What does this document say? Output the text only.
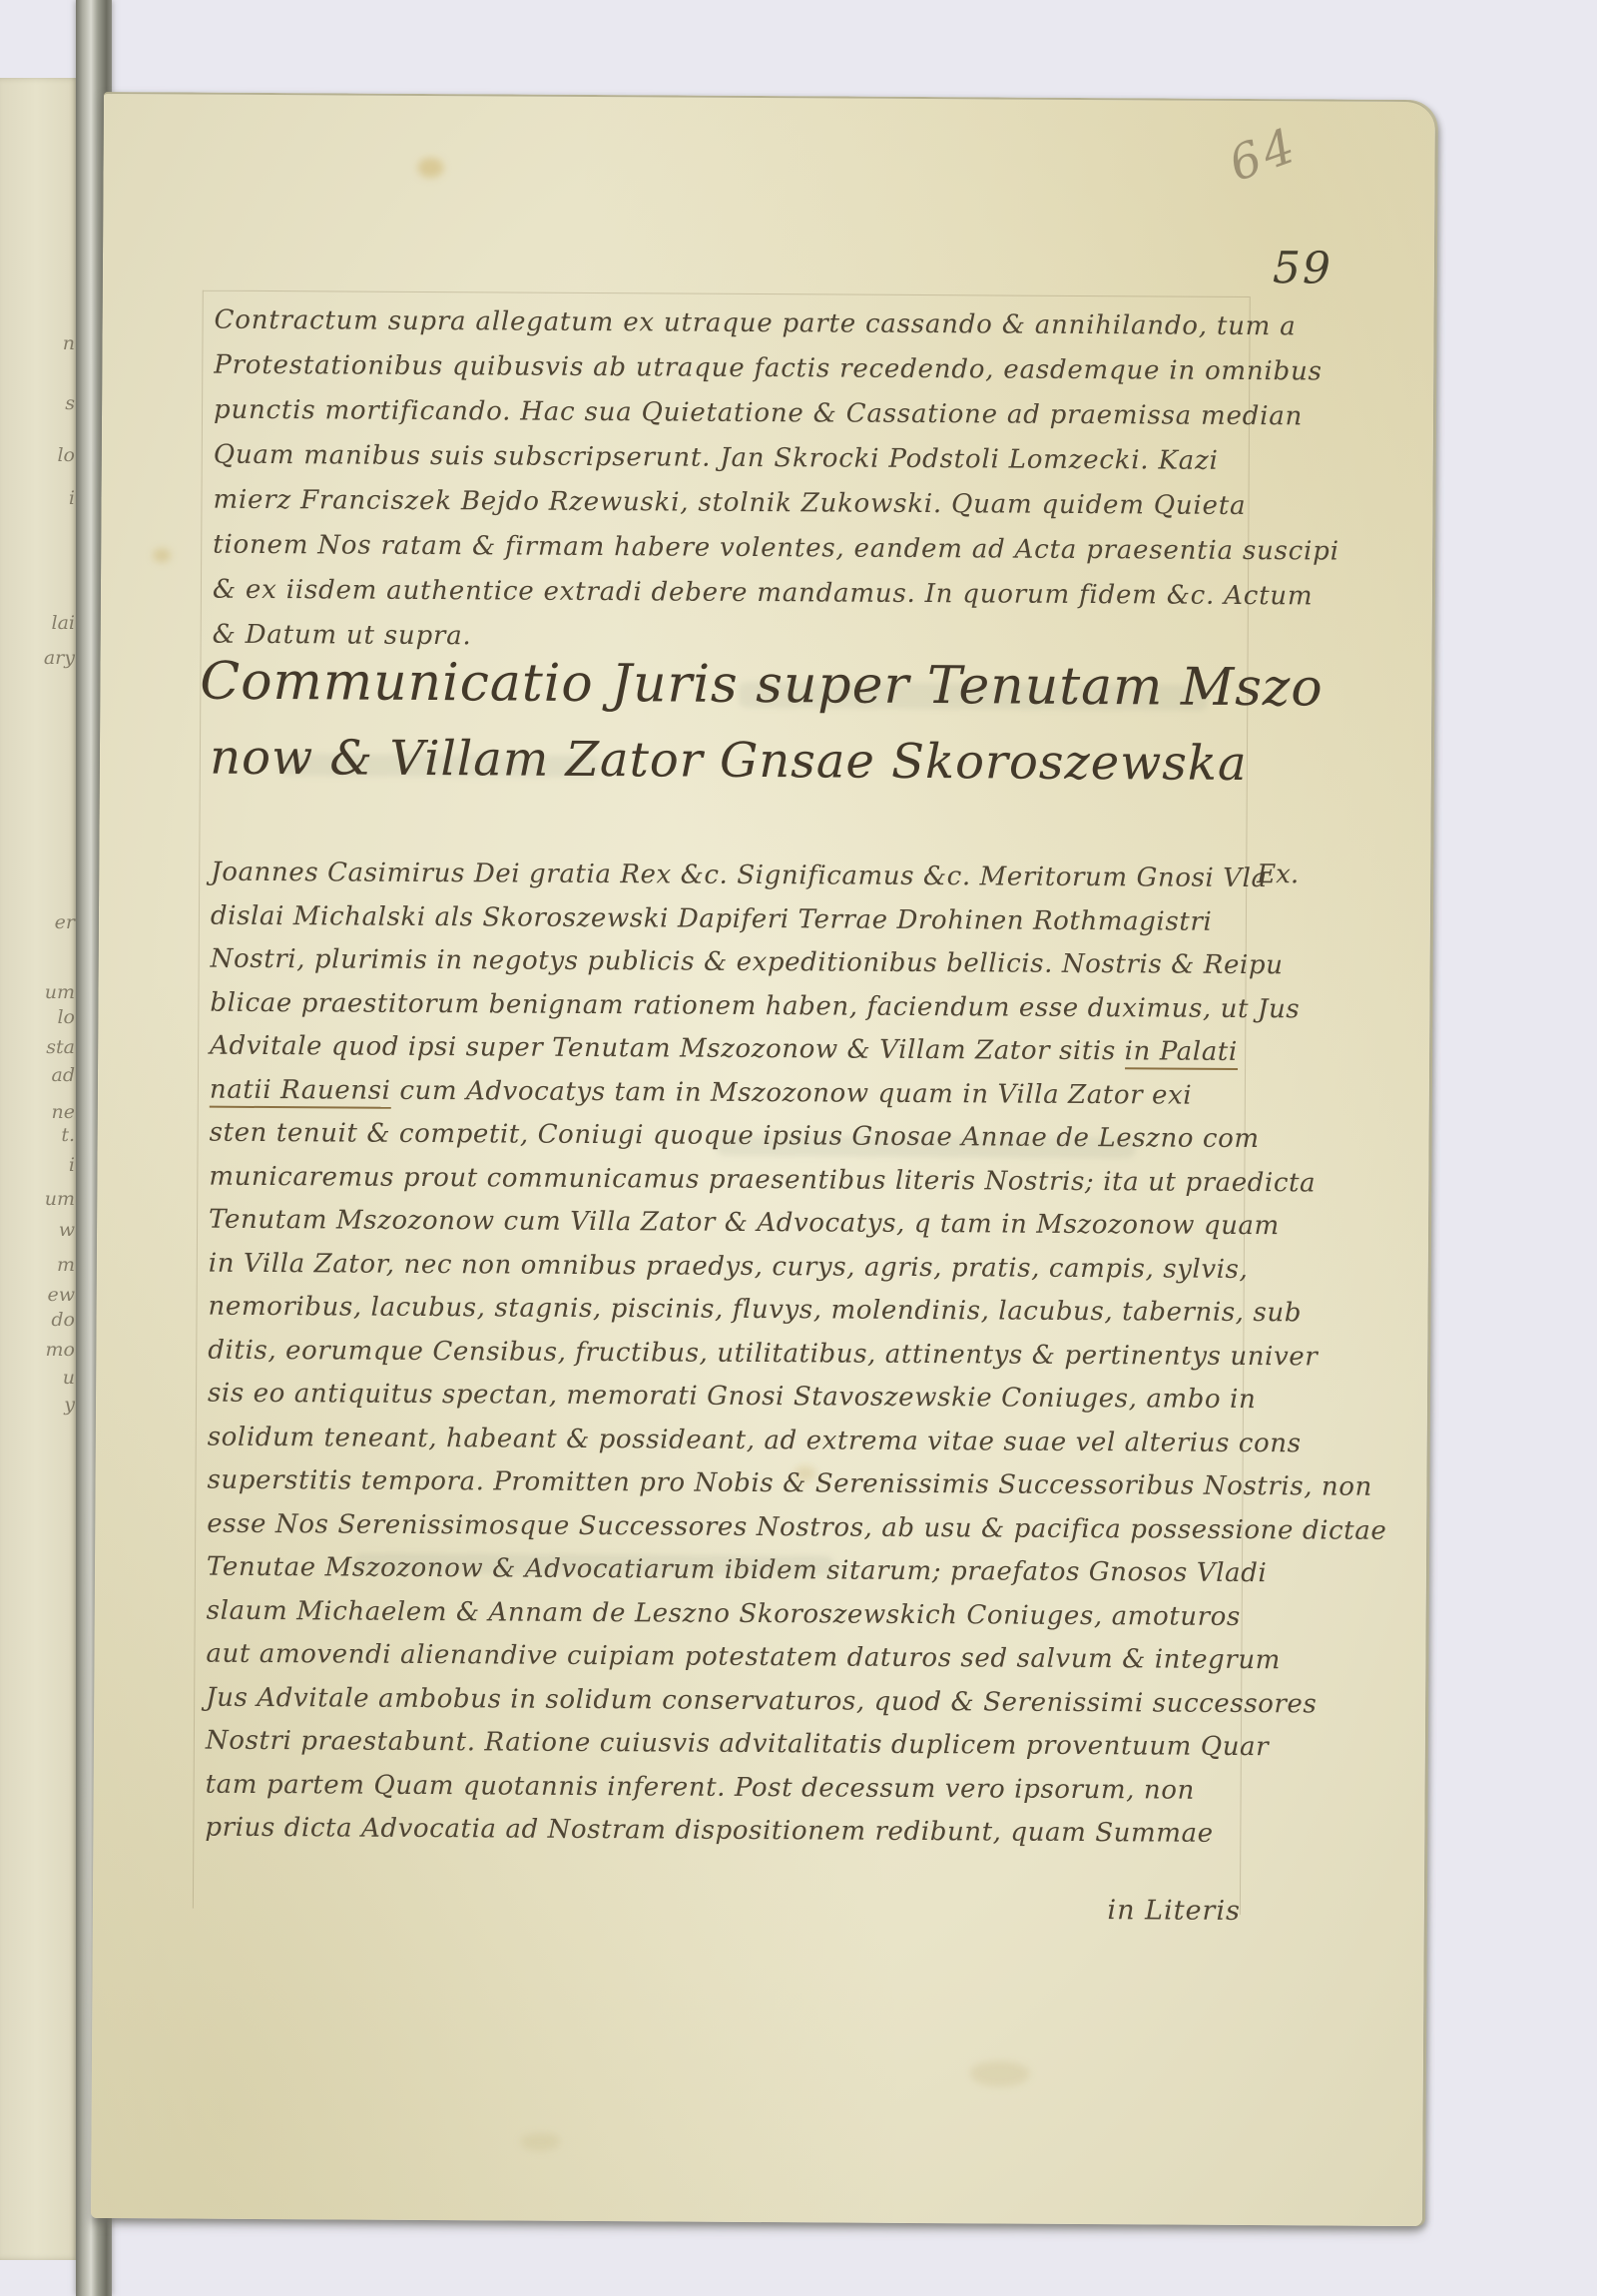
n
s
lo
i
lai
ary
er
um
lo
sta
ad
ne
t.
i
um
w
m
ew
do
mo
u
y
64
59
Contractum supra allegatum ex utraque parte cassando & annihilando, tum a
Protestationibus quibusvis ab utraque factis recedendo, easdemque in omnibus
punctis mortificando. Hac sua Quietatione & Cassatione ad praemissa median
Quam manibus suis subscripserunt. Jan Skrocki Podstoli Lomzecki. Kazi
mierz Franciszek Bejdo Rzewuski, stolnik Zukowski. Quam quidem Quieta
tionem Nos ratam & firmam habere volentes, eandem ad Acta praesentia suscipi
& ex iisdem authentice extradi debere mandamus. In quorum fidem &c. Actum
& Datum ut supra.
Communicatio Juris super Tenutam Mszo
now & Villam Zator Gnsae Skoroszewska
Ex.
Joannes Casimirus Dei gratia Rex &c. Significamus &c. Meritorum Gnosi Vla
dislai Michalski als Skoroszewski Dapiferi Terrae Drohinen Rothmagistri
Nostri, plurimis in negotys publicis & expeditionibus bellicis. Nostris & Reipu
blicae praestitorum benignam rationem haben, faciendum esse duximus, ut Jus
Advitale quod ipsi super Tenutam Mszozonow & Villam Zator sitis in Palati
natii Rauensi cum Advocatys tam in Mszozonow quam in Villa Zator exi
sten tenuit & competit, Coniugi quoque ipsius Gnosae Annae de Leszno com
municaremus prout communicamus praesentibus literis Nostris; ita ut praedicta
Tenutam Mszozonow cum Villa Zator & Advocatys, q tam in Mszozonow quam
in Villa Zator, nec non omnibus praedys, curys, agris, pratis, campis, sylvis,
nemoribus, lacubus, stagnis, piscinis, fluvys, molendinis, lacubus, tabernis, sub
ditis, eorumque Censibus, fructibus, utilitatibus, attinentys & pertinentys univer
sis eo antiquitus spectan, memorati Gnosi Stavoszewskie Coniuges, ambo in
solidum teneant, habeant & possideant, ad extrema vitae suae vel alterius cons
superstitis tempora. Promitten pro Nobis & Serenissimis Successoribus Nostris, non
esse Nos Serenissimosque Successores Nostros, ab usu & pacifica possessione dictae
Tenutae Mszozonow & Advocatiarum ibidem sitarum; praefatos Gnosos Vladi
slaum Michaelem & Annam de Leszno Skoroszewskich Coniuges, amoturos
aut amovendi alienandive cuipiam potestatem daturos sed salvum & integrum
Jus Advitale ambobus in solidum conservaturos, quod & Serenissimi successores
Nostri praestabunt. Ratione cuiusvis advitalitatis duplicem proventuum Quar
tam partem Quam quotannis inferent. Post decessum vero ipsorum, non
prius dicta Advocatia ad Nostram dispositionem redibunt, quam Summae
in Literis
